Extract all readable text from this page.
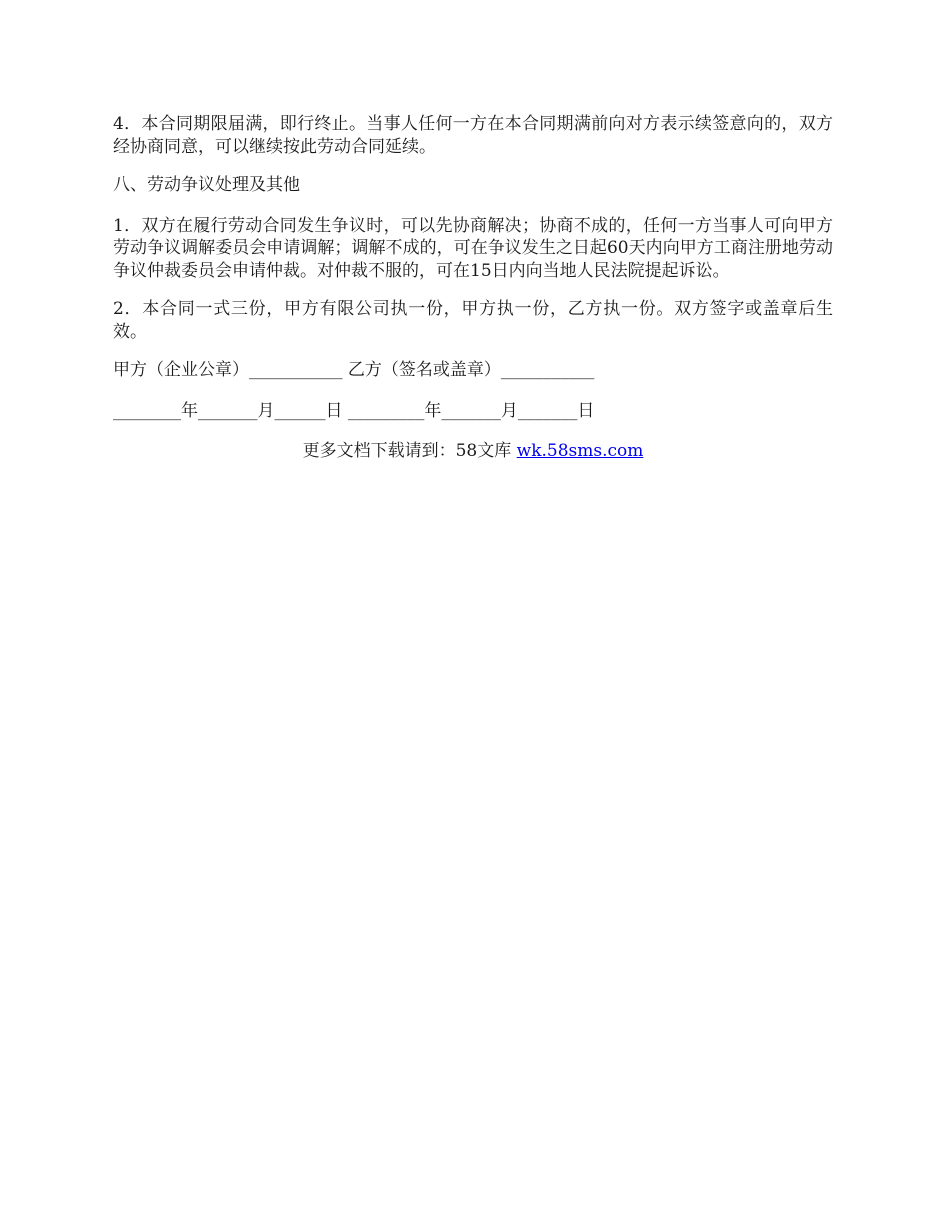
4．本合同期限届满，即行终止。当事人任何一方在本合同期满前向对方表示续签意向的，双方经协商同意，可以继续按此劳动合同延续。

八、劳动争议处理及其他

1．双方在履行劳动合同发生争议时，可以先协商解决；协商不成的，任何一方当事人可向甲方劳动争议调解委员会申请调解；调解不成的，可在争议发生之日起60天内向甲方工商注册地劳动争议仲裁委员会申请仲裁。对仲裁不服的，可在15日内向当地人民法院提起诉讼。

2．本合同一式三份，甲方有限公司执一份，甲方执一份，乙方执一份。双方签字或盖章后生效。

甲方（企业公章）___________ 乙方（签名或盖章）___________

________年_______月______日 _________年_______月_______日

更多文档下载请到：58文库 wk.58sms.com
